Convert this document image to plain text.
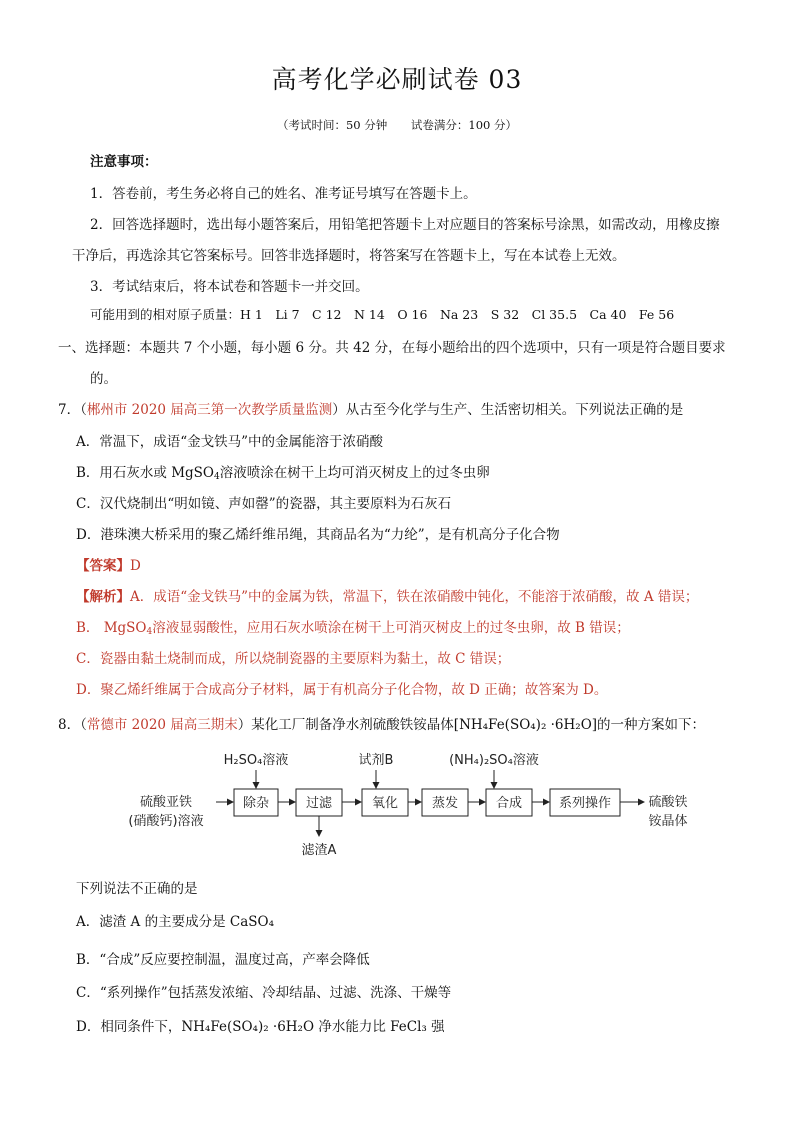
高考化学必刷试卷 03
（考试时间：50 分钟 试卷满分：100 分）
注意事项：
1．答卷前，考生务必将自己的姓名、准考证号填写在答题卡上。
2．回答选择题时，选出每小题答案后，用铅笔把答题卡上对应题目的答案标号涂黑，如需改动，用橡皮擦
干净后，再选涂其它答案标号。回答非选择题时，将答案写在答题卡上，写在本试卷上无效。
3．考试结束后，将本试卷和答题卡一并交回。
可能用到的相对原子质量：H 1　Li 7　C 12　N 14　O 16　Na 23　S 32　Cl 35.5　Ca 40　Fe 56
一、选择题：本题共 7 个小题，每小题 6 分。共 42 分，在每小题给出的四个选项中，只有一项是符合题目要求
的。
7．（郴州市 2020 届高三第一次教学质量监测）从古至今化学与生产、生活密切相关。下列说法正确的是
A．常温下，成语“金戈铁马”中的金属能溶于浓硝酸
B．用石灰水或 MgSO$_4$溶液喷涂在树干上均可消灭树皮上的过冬虫卵
C．汉代烧制出“明如镜、声如罄”的瓷器，其主要原料为石灰石
D．港珠澳大桥采用的聚乙烯纤维吊绳，其商品名为“力纶”，是有机高分子化合物
【答案】D
【解析】A．成语“金戈铁马”中的金属为铁，常温下，铁在浓硝酸中钝化，不能溶于浓硝酸，故 A 错误；
B． MgSO$_4$溶液显弱酸性，应用石灰水喷涂在树干上可消灭树皮上的过冬虫卵，故 B 错误；
C．瓷器由黏土烧制而成，所以烧制瓷器的主要原料为黏土，故 C 错误；
D．聚乙烯纤维属于合成高分子材料，属于有机高分子化合物，故 D 正确；故答案为 D。
8．（常德市 2020 届高三期末）某化工厂制备净水剂硫酸铁铵晶体[NH₄Fe(SO₄)₂ ·6H₂O]的一种方案如下：
硫酸亚铁
(硝酸钙)溶液
除杂	过滤	氧化	蒸发	合成	系列操作
H₂SO₄溶液	试剂B	(NH₄)₂SO₄溶液
滤渣A
硫酸铁
铵晶体
下列说法不正确的是
A．滤渣 A 的主要成分是 CaSO₄
B．“合成”反应要控制温，温度过高，产率会降低
C．“系列操作”包括蒸发浓缩、冷却结晶、过滤、洗涤、干燥等
D．相同条件下，NH₄Fe(SO₄)₂ ·6H₂O 净水能力比 FeCl₃ 强
